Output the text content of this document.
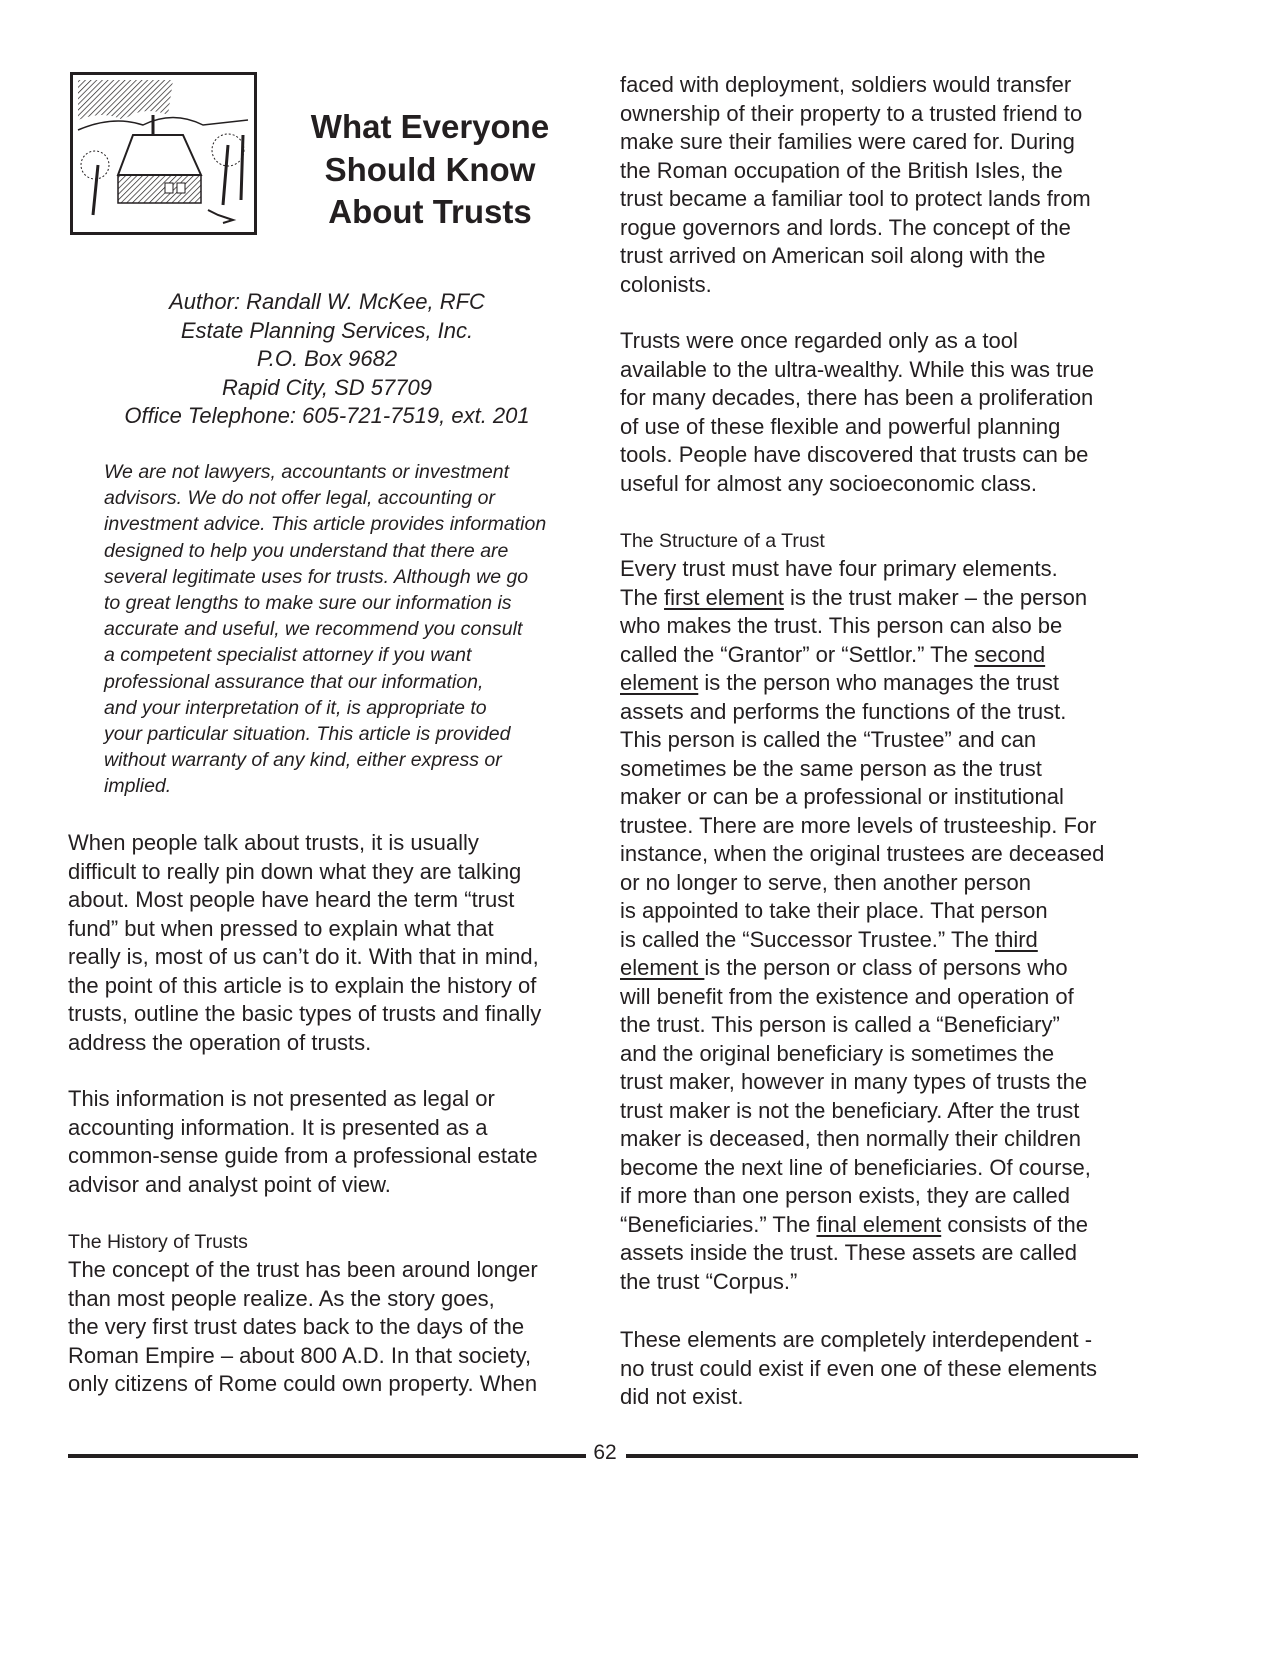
What Everyone
Should Know
About Trusts
Author: Randall W. McKee, RFC
Estate Planning Services, Inc.
P.O. Box 9682
Rapid City, SD 57709
Office Telephone: 605-721-7519, ext. 201
We are not lawyers, accountants or investment
advisors. We do not offer legal, accounting or
investment advice. This article provides information
designed to help you understand that there are
several legitimate uses for trusts. Although we go
to great lengths to make sure our information is
accurate and useful, we recommend you consult
a competent specialist attorney if you want
professional assurance that our information,
and your interpretation of it, is appropriate to
your particular situation. This article is provided
without warranty of any kind, either express or
implied.
When people talk about trusts, it is usually
difficult to really pin down what they are talking
about. Most people have heard the term “trust
fund” but when pressed to explain what that
really is, most of us can’t do it. With that in mind,
the point of this article is to explain the history of
trusts, outline the basic types of trusts and finally
address the operation of trusts.
This information is not presented as legal or
accounting information. It is presented as a
common-sense guide from a professional estate
advisor and analyst point of view.
The History of Trusts
The concept of the trust has been around longer
than most people realize. As the story goes,
the very first trust dates back to the days of the
Roman Empire – about 800 A.D. In that society,
only citizens of Rome could own property. When
faced with deployment, soldiers would transfer
ownership of their property to a trusted friend to
make sure their families were cared for. During
the Roman occupation of the British Isles, the
trust became a familiar tool to protect lands from
rogue governors and lords. The concept of the
trust arrived on American soil along with the
colonists.
Trusts were once regarded only as a tool
available to the ultra-wealthy. While this was true
for many decades, there has been a proliferation
of use of these flexible and powerful planning
tools. People have discovered that trusts can be
useful for almost any socioeconomic class.
The Structure of a Trust
Every trust must have four primary elements.
The first element is the trust maker – the person
who makes the trust. This person can also be
called the “Grantor” or “Settlor.” The second
element is the person who manages the trust
assets and performs the functions of the trust.
This person is called the “Trustee” and can
sometimes be the same person as the trust
maker or can be a professional or institutional
trustee. There are more levels of trusteeship. For
instance, when the original trustees are deceased
or no longer to serve, then another person
is appointed to take their place. That person
is called the “Successor Trustee.” The third
element is the person or class of persons who
will benefit from the existence and operation of
the trust. This person is called a “Beneficiary”
and the original beneficiary is sometimes the
trust maker, however in many types of trusts the
trust maker is not the beneficiary. After the trust
maker is deceased, then normally their children
become the next line of beneficiaries. Of course,
if more than one person exists, they are called
“Beneficiaries.” The final element consists of the
assets inside the trust. These assets are called
the trust “Corpus.”
These elements are completely interdependent -
no trust could exist if even one of these elements
did not exist.
62
